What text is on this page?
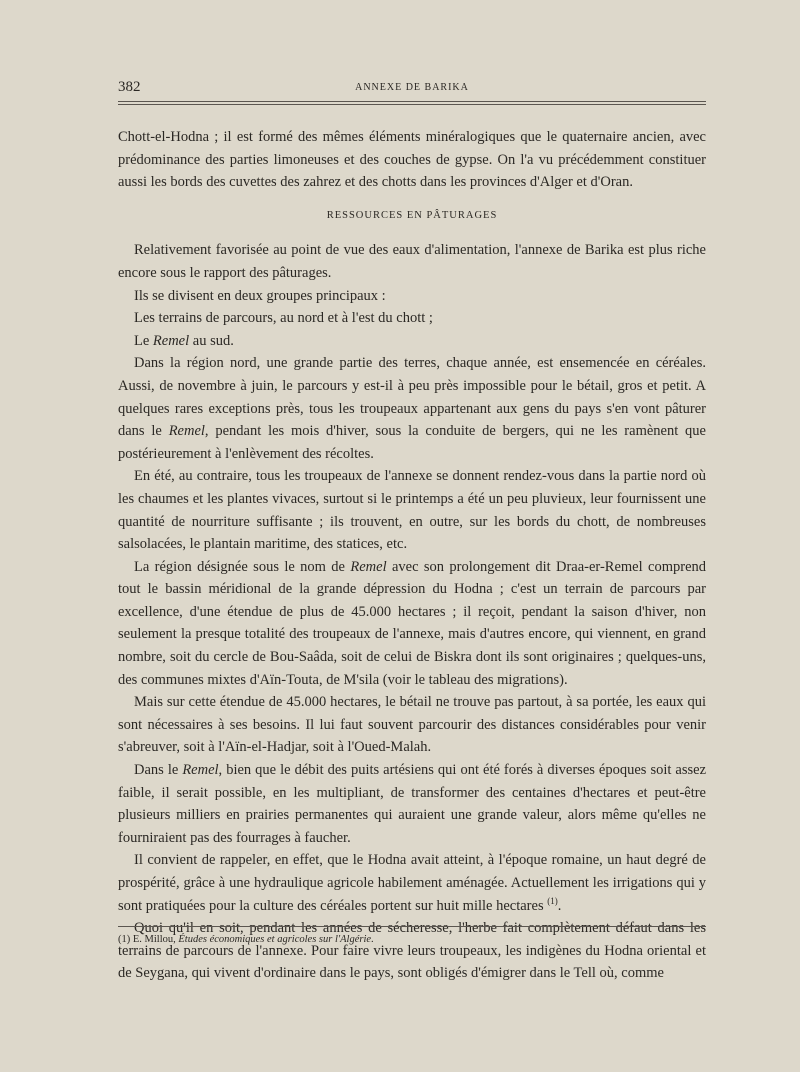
382	ANNEXE DE BARIKA

Chott-el-Hodna ; il est formé des mêmes éléments minéralogiques que le quaternaire ancien, avec prédominance des parties limoneuses et des couches de gypse. On l'a vu précédemment constituer aussi les bords des cuvettes des zahrez et des chotts dans les provinces d'Alger et d'Oran.

RESSOURCES EN PÂTURAGES

Relativement favorisée au point de vue des eaux d'alimentation, l'annexe de Barika est plus riche encore sous le rapport des pâturages.

Ils se divisent en deux groupes principaux :

Les terrains de parcours, au nord et à l'est du chott ;

Le Remel au sud.

Dans la région nord, une grande partie des terres, chaque année, est ensemencée en céréales. Aussi, de novembre à juin, le parcours y est-il à peu près impossible pour le bétail, gros et petit. A quelques rares exceptions près, tous les troupeaux appartenant aux gens du pays s'en vont pâturer dans le Remel, pendant les mois d'hiver, sous la conduite de bergers, qui ne les ramènent que postérieurement à l'enlèvement des récoltes.

En été, au contraire, tous les troupeaux de l'annexe se donnent rendez-vous dans la partie nord où les chaumes et les plantes vivaces, surtout si le printemps a été un peu pluvieux, leur fournissent une quantité de nourriture suffisante ; ils trouvent, en outre, sur les bords du chott, de nombreuses salsolacées, le plantain maritime, des statices, etc.

La région désignée sous le nom de Remel avec son prolongement dit Draa-er-Remel comprend tout le bassin méridional de la grande dépression du Hodna ; c'est un terrain de parcours par excellence, d'une étendue de plus de 45.000 hectares ; il reçoit, pendant la saison d'hiver, non seulement la presque totalité des troupeaux de l'annexe, mais d'autres encore, qui viennent, en grand nombre, soit du cercle de Bou-Saâda, soit de celui de Biskra dont ils sont originaires ; quelques-uns, des communes mixtes d'Aïn-Touta, de M'sila (voir le tableau des migrations).

Mais sur cette étendue de 45.000 hectares, le bétail ne trouve pas partout, à sa portée, les eaux qui sont nécessaires à ses besoins. Il lui faut souvent parcourir des distances considérables pour venir s'abreuver, soit à l'Aïn-el-Hadjar, soit à l'Oued-Malah.

Dans le Remel, bien que le débit des puits artésiens qui ont été forés à diverses époques soit assez faible, il serait possible, en les multipliant, de transformer des centaines d'hectares et peut-être plusieurs milliers en prairies permanentes qui auraient une grande valeur, alors même qu'elles ne fourniraient pas des fourrages à faucher.

Il convient de rappeler, en effet, que le Hodna avait atteint, à l'époque romaine, un haut degré de prospérité, grâce à une hydraulique agricole habilement aménagée. Actuellement les irrigations qui y sont pratiquées pour la culture des céréales portent sur huit mille hectares $^{(1)}$.

Quoi qu'il en soit, pendant les années de sécheresse, l'herbe fait complètement défaut dans les terrains de parcours de l'annexe. Pour faire vivre leurs troupeaux, les indigènes du Hodna oriental et de Seygana, qui vivent d'ordinaire dans le pays, sont obligés d'émigrer dans le Tell où, comme

(1) E. Millou, Études économiques et agricoles sur l'Algérie.
